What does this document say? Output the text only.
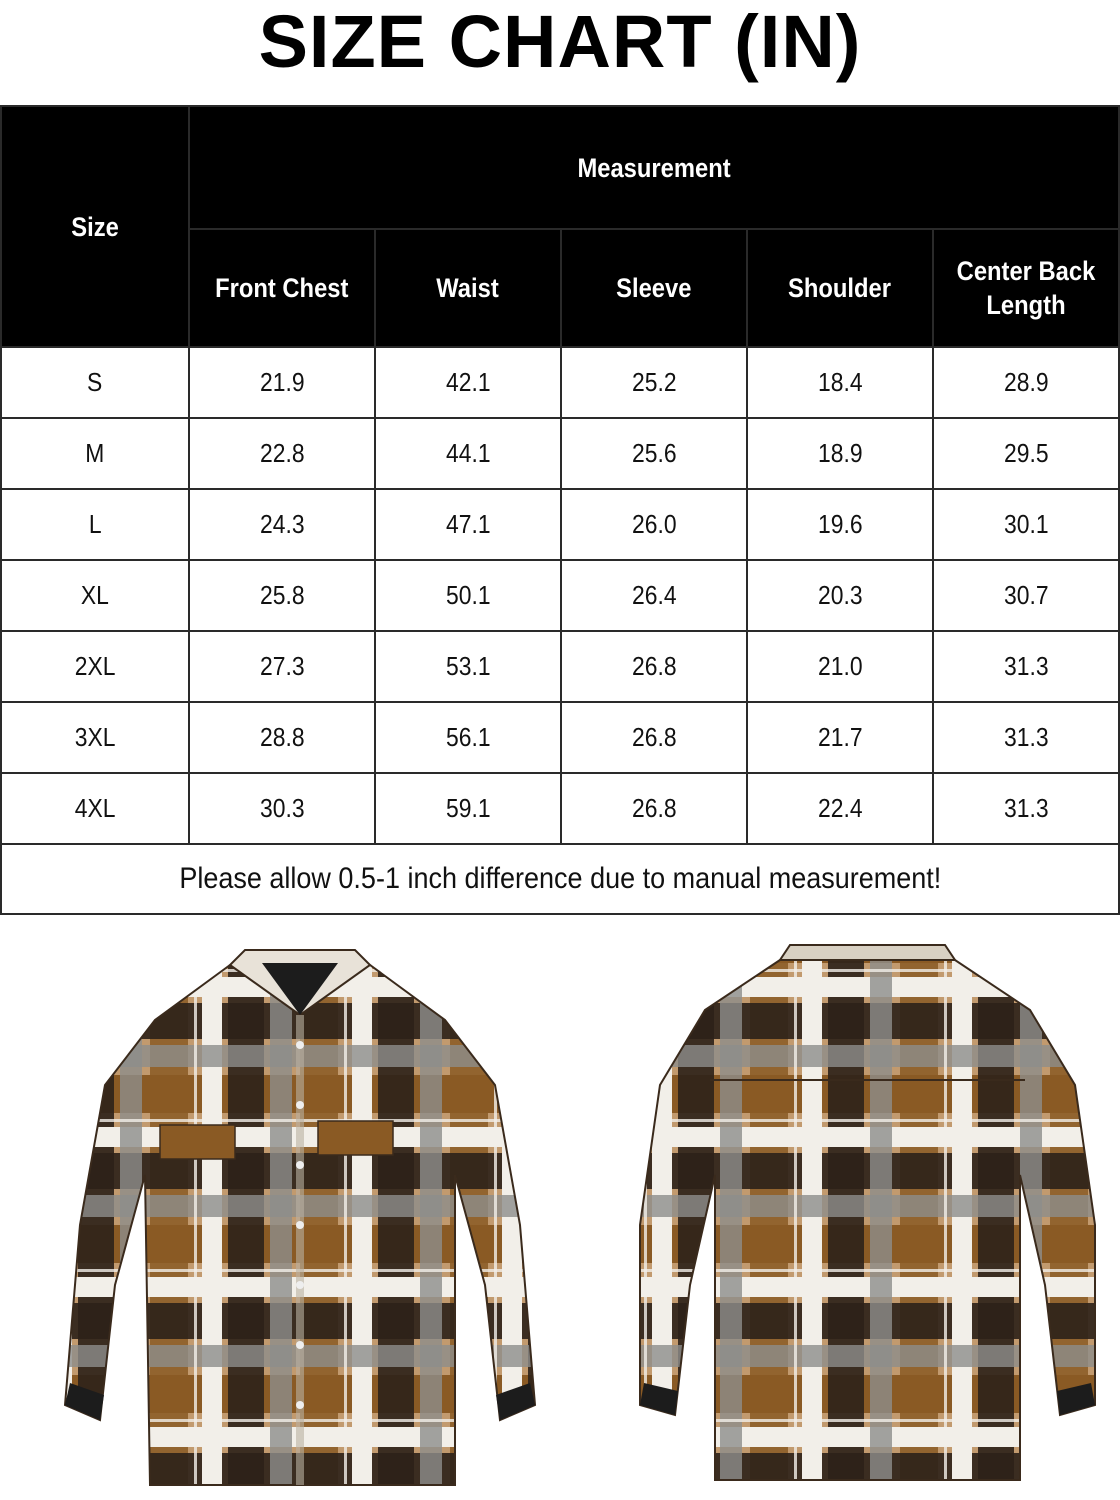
SIZE CHART (IN)
Size	Measurement				
	Front Chest	Waist	Sleeve	Shoulder	Center Back Length
S	21.9	42.1	25.2	18.4	28.9
M	22.8	44.1	25.6	18.9	29.5
L	24.3	47.1	26.0	19.6	30.1
XL	25.8	50.1	26.4	20.3	30.7
2XL	27.3	53.1	26.8	21.0	31.3
3XL	28.8	56.1	26.8	21.7	31.3
4XL	30.3	59.1	26.8	22.4	31.3
Please allow 0.5-1 inch difference due to manual measurement!					
